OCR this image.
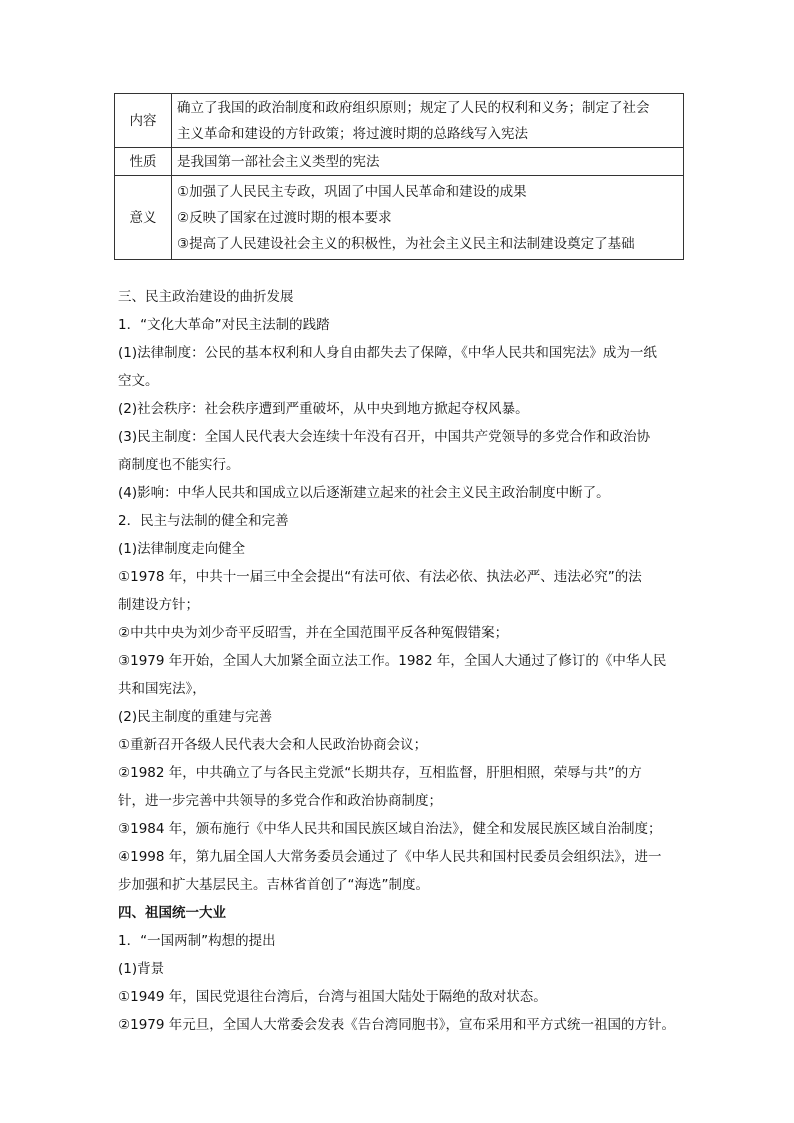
内容	确立了我国的政治制度和政府组织原则；规定了人民的权利和义务；制定了社会
主义革命和建设的方针政策；将过渡时期的总路线写入宪法

性质	是我国第一部社会主义类型的宪法

意义	①加强了人民民主专政，巩固了中国人民革命和建设的成果
②反映了国家在过渡时期的根本要求
③提高了人民建设社会主义的积极性，为社会主义民主和法制建设奠定了基础
三、民主政治建设的曲折发展
1．“文化大革命”对民主法制的践踏
(1)法律制度：公民的基本权利和人身自由都失去了保障，《中华人民共和国宪法》成为一纸
空文。
(2)社会秩序：社会秩序遭到严重破坏，从中央到地方掀起夺权风暴。
(3)民主制度：全国人民代表大会连续十年没有召开，中国共产党领导的多党合作和政治协
商制度也不能实行。
(4)影响：中华人民共和国成立以后逐渐建立起来的社会主义民主政治制度中断了。
2．民主与法制的健全和完善
(1)法律制度走向健全
①1978 年，中共十一届三中全会提出“有法可依、有法必依、执法必严、违法必究”的法
制建设方针；
②中共中央为刘少奇平反昭雪，并在全国范围平反各种冤假错案；
③1979 年开始，全国人大加紧全面立法工作。1982 年，全国人大通过了修订的《中华人民
共和国宪法》，
(2)民主制度的重建与完善
①重新召开各级人民代表大会和人民政治协商会议；
②1982 年，中共确立了与各民主党派“长期共存，互相监督，肝胆相照，荣辱与共”的方
针，进一步完善中共领导的多党合作和政治协商制度；
③1984 年，颁布施行《中华人民共和国民族区域自治法》，健全和发展民族区域自治制度；
④1998 年，第九届全国人大常务委员会通过了《中华人民共和国村民委员会组织法》，进一
步加强和扩大基层民主。吉林省首创了“海选”制度。
四、祖国统一大业
1．“一国两制”构想的提出
(1)背景
①1949 年，国民党退往台湾后，台湾与祖国大陆处于隔绝的敌对状态。
②1979 年元旦，全国人大常委会发表《告台湾同胞书》，宣布采用和平方式统一祖国的方针。
